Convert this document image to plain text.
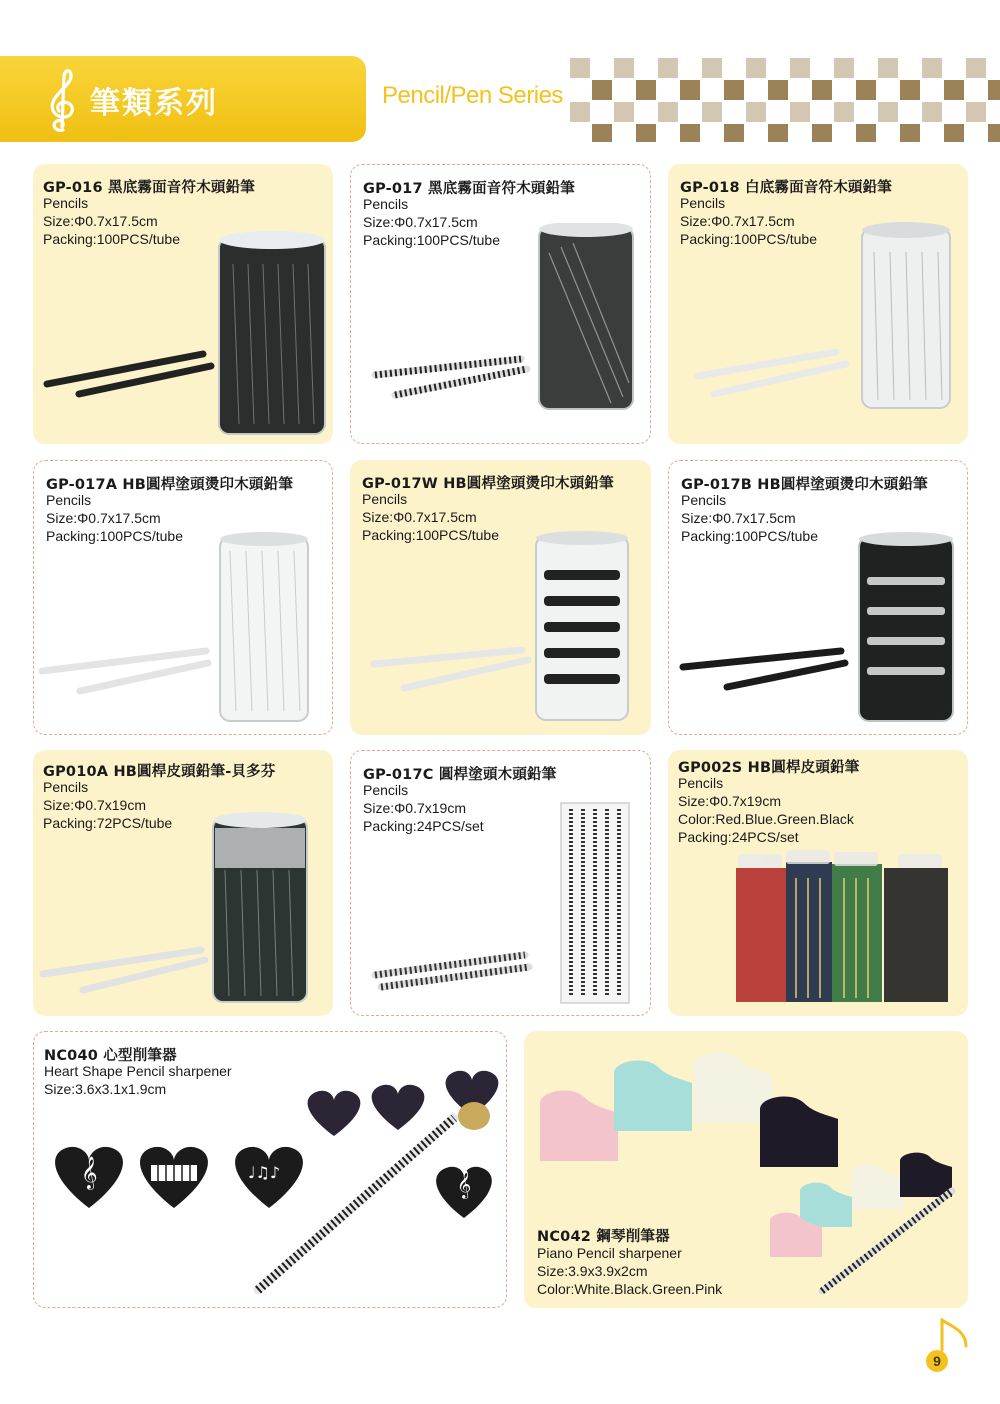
筆類系列	Pencil/Pen Series
GP-016 黑底霧面音符木頭鉛筆
Pencils
Size:Φ0.7x17.5cm
Packing:100PCS/tube
GP-017 黑底霧面音符木頭鉛筆
Pencils
Size:Φ0.7x17.5cm
Packing:100PCS/tube
GP-018 白底霧面音符木頭鉛筆
Pencils
Size:Φ0.7x17.5cm
Packing:100PCS/tube
GP-017A HB圓桿塗頭燙印木頭鉛筆
Pencils
Size:Φ0.7x17.5cm
Packing:100PCS/tube
GP-017W HB圓桿塗頭燙印木頭鉛筆
Pencils
Size:Φ0.7x17.5cm
Packing:100PCS/tube
GP-017B HB圓桿塗頭燙印木頭鉛筆
Pencils
Size:Φ0.7x17.5cm
Packing:100PCS/tube
GP010A HB圓桿皮頭鉛筆-貝多芬
Pencils
Size:Φ0.7x19cm
Packing:72PCS/tube
GP-017C 圓桿塗頭木頭鉛筆
Pencils
Size:Φ0.7x19cm
Packing:24PCS/set
GP002S HB圓桿皮頭鉛筆
Pencils
Size:Φ0.7x19cm
Color:Red.Blue.Green.Black
Packing:24PCS/set
NC040 心型削筆器
Heart Shape Pencil sharpener
Size:3.6x3.1x1.9cm
𝄞	𝄞
♩♫♪
NC042 鋼琴削筆器
Piano Pencil sharpener
Size:3.9x3.9x2cm
Color:White.Black.Green.Pink
9
